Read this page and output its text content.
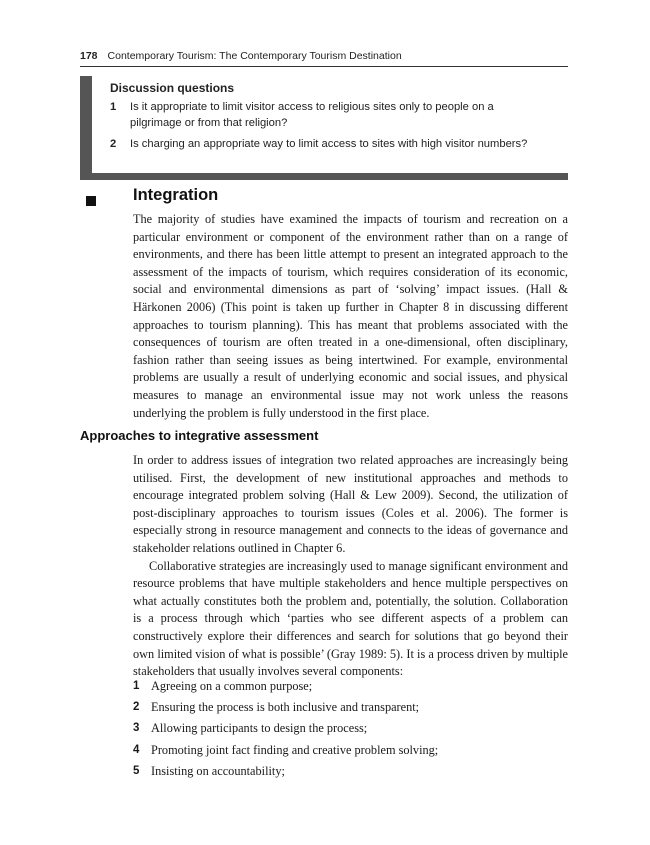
178 Contemporary Tourism: The Contemporary Tourism Destination
Discussion questions
1 Is it appropriate to limit visitor access to religious sites only to people on a pilgrimage or from that religion?
2 Is charging an appropriate way to limit access to sites with high visitor numbers?
Integration

The majority of studies have examined the impacts of tourism and recreation on a particular environment or component of the environment rather than on a range of environments, and there has been little attempt to present an integrated approach to the assessment of the impacts of tourism, which requires consideration of its economic, social and environmental dimensions as part of ‘solving’ impact issues. (Hall & Härkonen 2006) (This point is taken up further in Chapter 8 in discussing different approaches to tourism planning). This has meant that problems associated with the consequences of tourism are often treated in a one-dimensional, often disciplinary, fashion rather than seeing issues as being intertwined. For example, environmental problems are usually a result of underlying economic and social issues, and physical measures to manage an environmental issue may not work unless the reasons underlying the problem is fully understood in the first place.

Approaches to integrative assessment

In order to address issues of integration two related approaches are increasingly being utilised. First, the development of new institutional approaches and methods to encourage integrated problem solving (Hall & Lew 2009). Second, the utilization of post-disciplinary approaches to tourism issues (Coles et al. 2006). The former is especially strong in resource management and connects to the ideas of governance and stakeholder relations outlined in Chapter 6.

Collaborative strategies are increasingly used to manage significant environment and resource problems that have multiple stakeholders and hence multiple perspectives on what actually constitutes both the problem and, potentially, the solution. Collaboration is a process through which ‘parties who see different aspects of a problem can constructively explore their differences and search for solutions that go beyond their own limited vision of what is possible’ (Gray 1989: 5). It is a process driven by multiple stakeholders that usually involves several components:

1 Agreeing on a common purpose;
2 Ensuring the process is both inclusive and transparent;
3 Allowing participants to design the process;
4 Promoting joint fact finding and creative problem solving;
5 Insisting on accountability;
